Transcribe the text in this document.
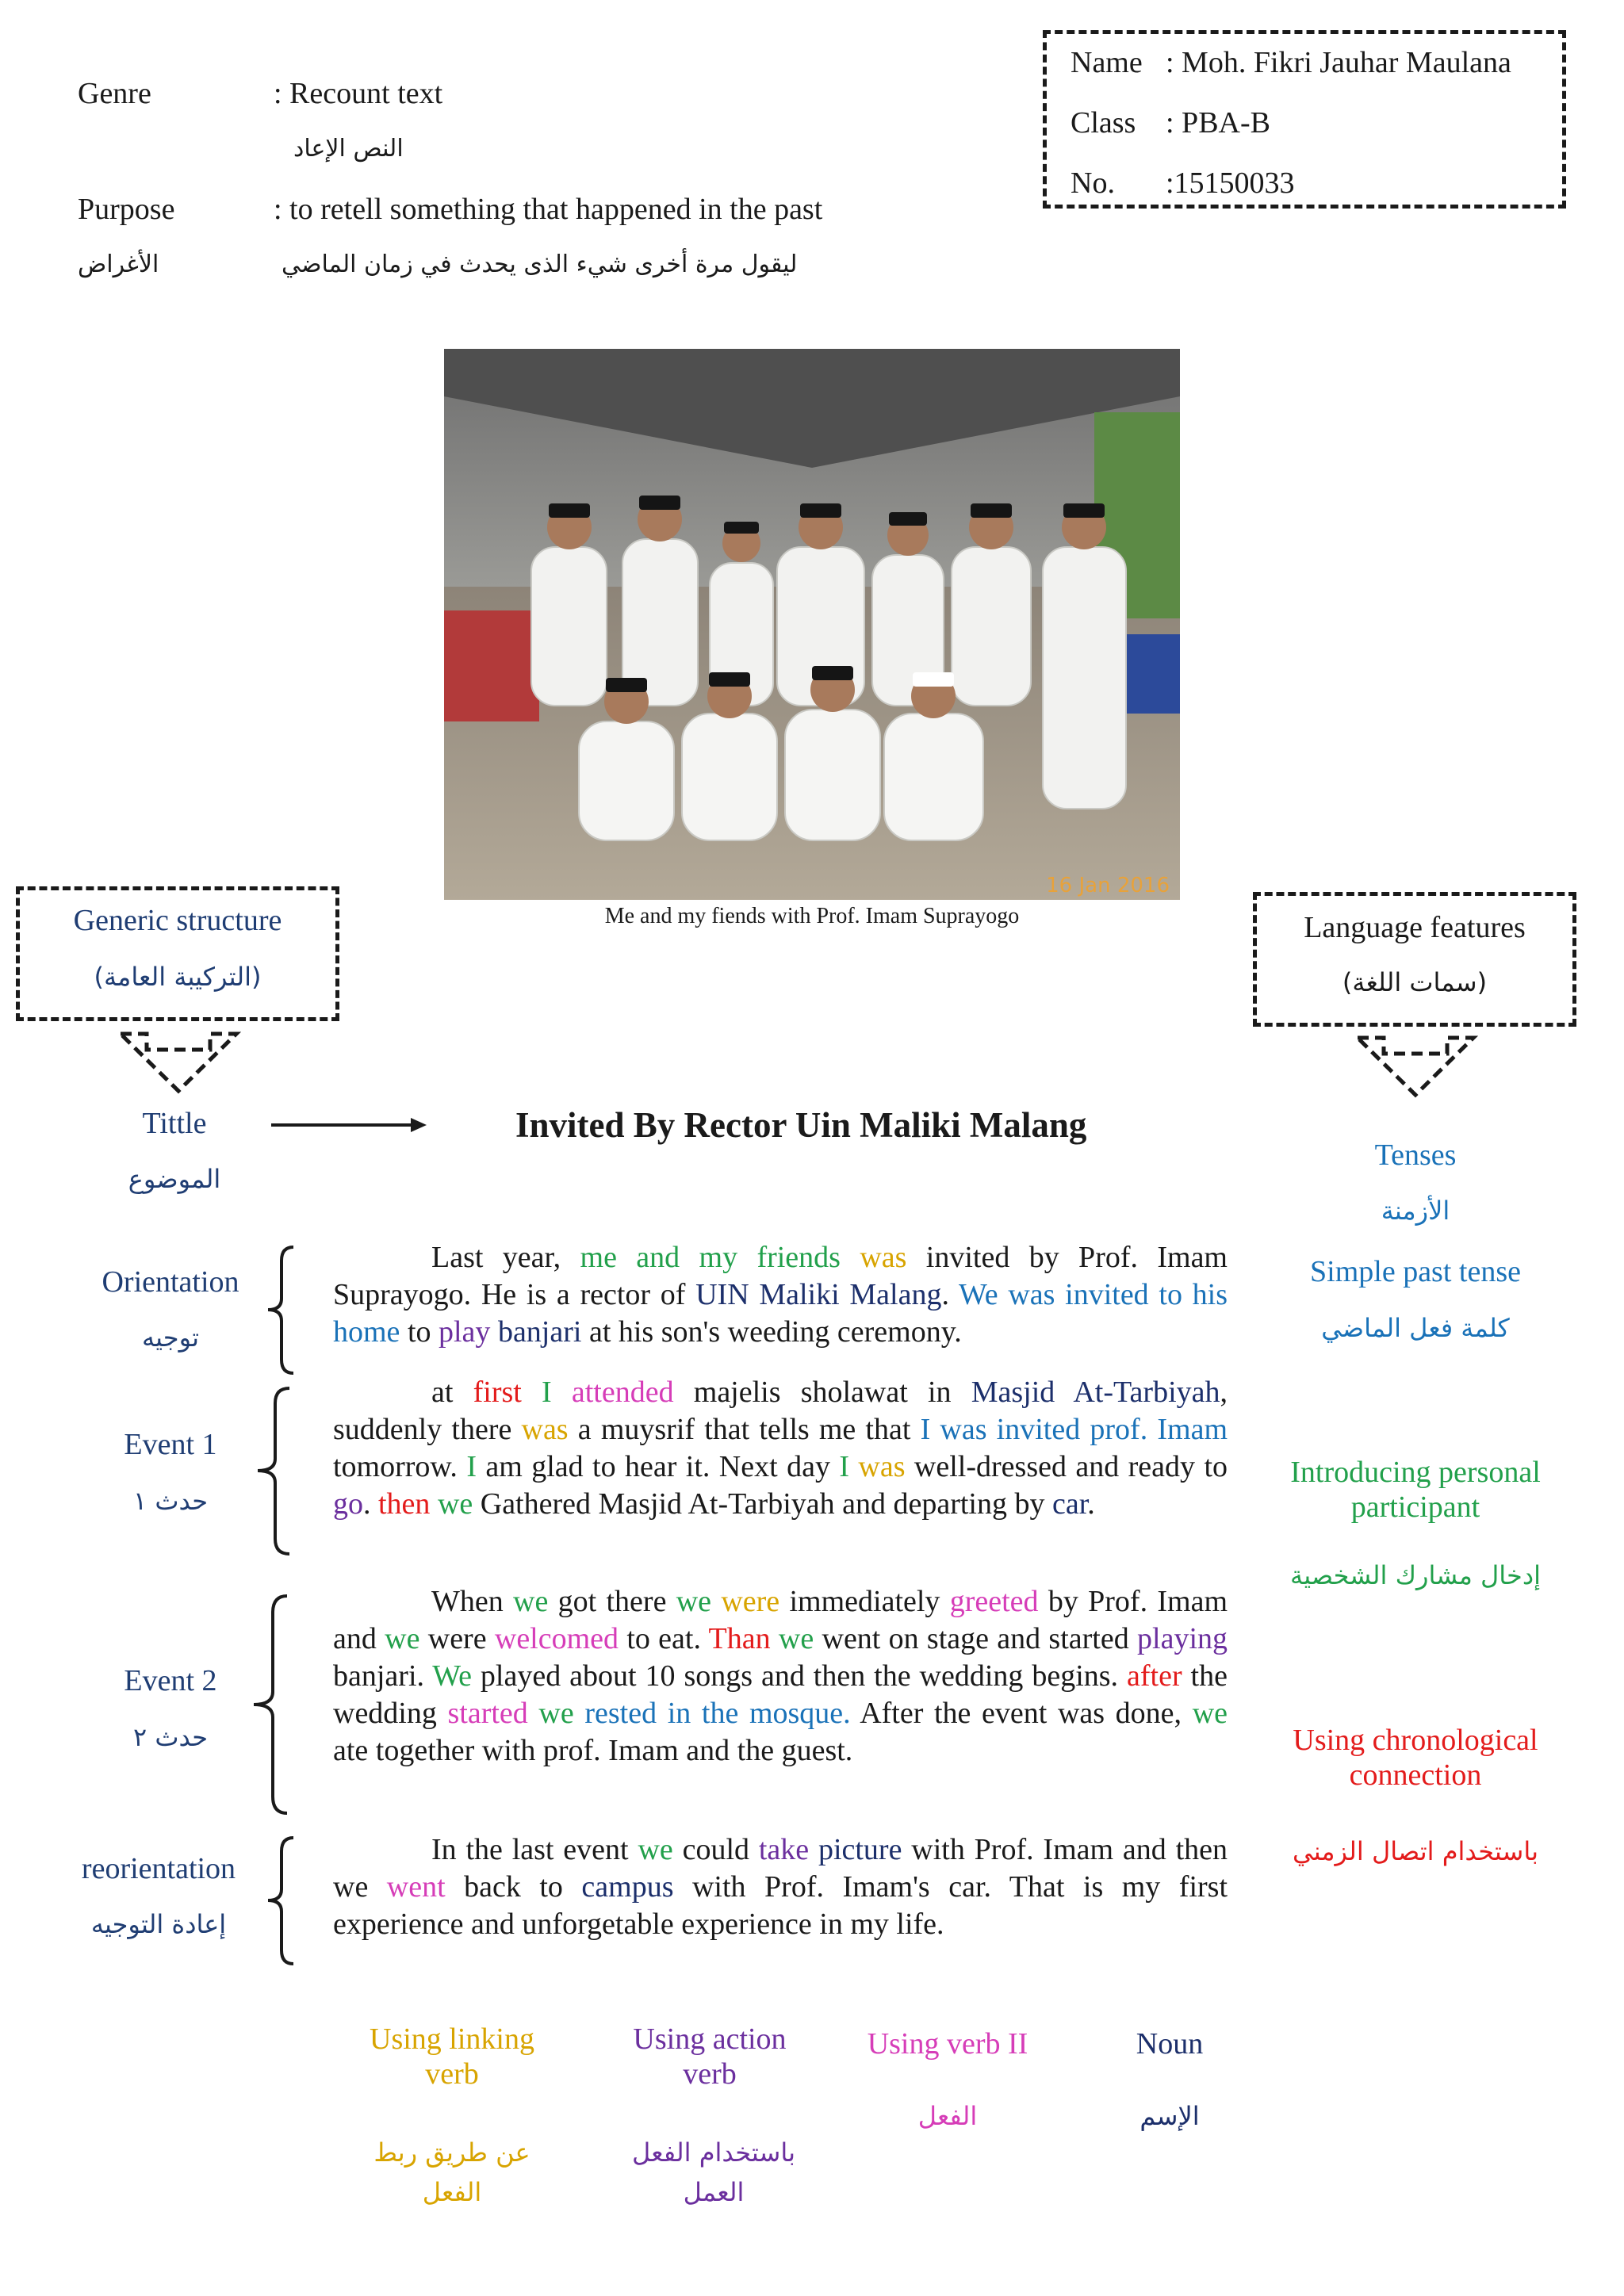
Genre	: Recount text
النص الإعاد
Purpose	: to retell something that happened in the past
الأغراض	ليقول مرة أخرى شيء الذى يحدث في زمان الماضي
Name : Moh. Fikri Jauhar Maulana
Class : PBA-B
No. :15150033
16 Jan 2016
Me and my fiends with Prof. Imam Suprayogo
Generic structure
(التركيبة العامة)
Language features
(سمات اللغة)
Tittle
الموضوع
Invited By Rector Uin Maliki Malang
Orientation
توجيه
Event 1
حدث ١
Event 2
حدث ٢
reorientation
إعادة التوجيه
Last year, me and my friends was invited by Prof. Imam Suprayogo. He is a rector of UIN Maliki Malang. We was invited to his home to play banjari at his son's weeding ceremony.
at first I attended majelis sholawat in Masjid At-Tarbiyah, suddenly there was a muysrif that tells me that I was invited prof. Imam tomorrow. I am glad to hear it. Next day I was well-dressed and ready to go. then we Gathered Masjid At-Tarbiyah and departing by car.
When we got there we were immediately greeted by Prof. Imam and we were welcomed to eat. Than we went on stage and started playing banjari. We played about 10 songs and then the wedding begins. after the wedding started we rested in the mosque. After the event was done, we ate together with prof. Imam and the guest.
In the last event we could take picture with Prof. Imam and then we went back to campus with Prof. Imam's car. That is my first experience and unforgetable experience in my life.
Tenses
الأزمنة
Simple past tense
كلمة فعل الماضي
Introducing personal
participant
إدخال مشارك الشخصية
Using chronological
connection
باستخدام اتصال الزمني
Using linking
verb
عن طريق ربط
الفعل
Using action
verb
باستخدام الفعل
العمل
Using verb II
الفعل
Noun
الإسم
